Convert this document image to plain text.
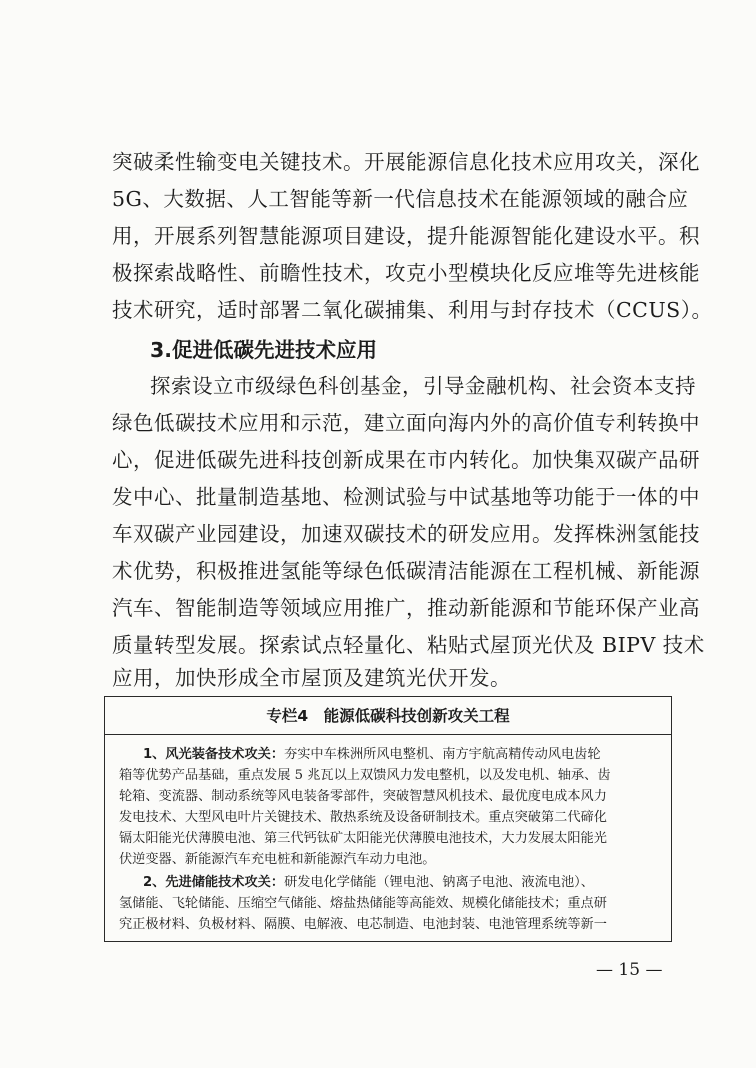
突破柔性输变电关键技术。开展能源信息化技术应用攻关，深化
5G、大数据、人工智能等新一代信息技术在能源领域的融合应
用，开展系列智慧能源项目建设，提升能源智能化建设水平。积
极探索战略性、前瞻性技术，攻克小型模块化反应堆等先进核能
技术研究，适时部署二氧化碳捕集、利用与封存技术（CCUS）。
3.促进低碳先进技术应用
探索设立市级绿色科创基金，引导金融机构、社会资本支持
绿色低碳技术应用和示范，建立面向海内外的高价值专利转换中
心，促进低碳先进科技创新成果在市内转化。加快集双碳产品研
发中心、批量制造基地、检测试验与中试基地等功能于一体的中
车双碳产业园建设，加速双碳技术的研发应用。发挥株洲氢能技
术优势，积极推进氢能等绿色低碳清洁能源在工程机械、新能源
汽车、智能制造等领域应用推广，推动新能源和节能环保产业高
质量转型发展。探索试点轻量化、粘贴式屋顶光伏及 BIPV 技术
应用，加快形成全市屋顶及建筑光伏开发。
专栏4　能源低碳科技创新攻关工程
1、风光装备技术攻关：夯实中车株洲所风电整机、南方宇航高精传动风电齿轮
箱等优势产品基础，重点发展 5 兆瓦以上双馈风力发电整机，以及发电机、轴承、齿
轮箱、变流器、制动系统等风电装备零部件，突破智慧风机技术、最优度电成本风力
发电技术、大型风电叶片关键技术、散热系统及设备研制技术。重点突破第二代碲化
镉太阳能光伏薄膜电池、第三代钙钛矿太阳能光伏薄膜电池技术，大力发展太阳能光
伏逆变器、新能源汽车充电桩和新能源汽车动力电池。
2、先进储能技术攻关：研发电化学储能（锂电池、钠离子电池、液流电池）、
氢储能、飞轮储能、压缩空气储能、熔盐热储能等高能效、规模化储能技术；重点研
究正极材料、负极材料、隔膜、电解液、电芯制造、电池封装、电池管理系统等新一
— 15 —
